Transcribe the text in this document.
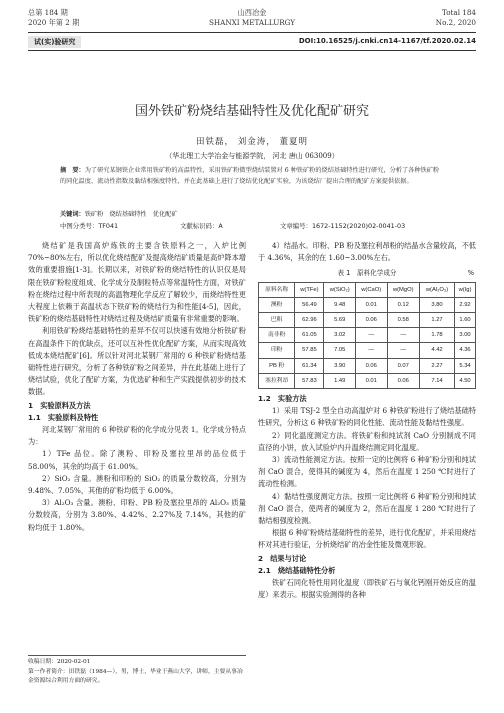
总第 184 期
2020 年第 2 期
山西冶金
SHANXI METALLURGY
Total 184
No.2, 2020
试(实)验研究	DOI:10.16525/j.cnki.cn14-1167/tf.2020.02.14
国外铁矿粉烧结基础特性及优化配矿研究
田铁磊， 刘金涛， 董夏明
（华北理工大学冶金与能源学院， 河北 唐山 063009）
摘　要：为了研究某钢铁企业常用铁矿粉的高温特性，采用铁矿粉微型烧结装置对 6 种铁矿粉的烧结基础特性进行研究，分析了各种铁矿粉的同化温度、流动性指数及黏结相强度特性，并在此基础上进行了烧结优化配矿实验，为该烧结厂提出合理的配矿方案提供依据。
关键词：铁矿粉　烧结基础特性　优化配矿
中图分类号：TF041	文献标识码：A	文章编号：1672-1152(2020)02-0041-03

烧结矿是我国高炉炼铁的主要含铁原料之一，入炉比例 70%~80%左右，所以优化烧结配矿及提高烧结矿质量是高炉降本增效的重要措施[1-3]。长期以来，对铁矿粉的烧结特性的认识仅是局限在铁矿粉粒度组成、化学成分及制粒特点等常温特性方面，对铁矿粉在烧结过程中所表现的高温物理化学反应了解较少，而烧结特性更大程度上依赖于高温状态下铁矿粉的烧结行为和性能[4-5]，因此，铁矿粉的烧结基础特性对烧结过程及烧结矿质量有非常重要的影响。

利用铁矿粉烧结基础特性的差异不仅可以快速有效地分析铁矿粉在高温条件下的优缺点，还可以互补性优化配矿方案，从而实现高效低成本烧结配矿[6]。所以针对河北某钢厂常用的 6 种铁矿粉烧结基础特性进行研究，分析了各种铁矿粉之间差异，并在此基础上进行了烧结试验，优化了配矿方案，为优选矿种和生产实践提供初步的技术数据。

1　实验原料及方法
1.1　实验原料及特性

河北某钢厂常用的 6 种铁矿粉的化学成分见表 1。化学成分特点为：

1）TFe 品位。除了澳粉、印粉及塞拉里昂的品位低于 58.00%，其余的均高于 61.00%。

2）SiO₂ 含量。澳粉和印粉的 SiO₂ 的质量分数较高，分别为 9.48%、7.05%，其他的矿粉均低于 6.00%。

3）Al₂O₃ 含量。澳粉、印粉、PB 粉及塞拉里昂的 Al₂O₃ 质量分数较高，分别为 3.80%、4.42%、2.27%及 7.14%，其他的矿粉均低于 1.80%。

收稿日期：2020-02-01
第一作者简介：田铁磊（1984—），男，博士，毕业于燕山大学，讲师，主要从事冶金资源综合利用方面的研究。

4）结晶水。印粉、PB 粉及塞拉利昂粉的结晶水含量较高，不低于 4.36%，其余的在 1.60~3.00%左右。

表 1　原料化学成分	%
原料名称	w(TFe)	w(SiO₂)	w(CaO)	w(MgO)	w(Al₂O₃)	w(Ig)
澳粉	56.49	9.48	0.01	0.12	3.80	2.92
巴粗	62.96	5.69	0.06	0.58	1.27	1.60
南非粉	61.05	3.02	—	—	1.78	3.00
印粉	57.85	7.05	—	—	4.42	4.36
PB 粉	61.34	3.90	0.06	0.07	2.27	5.34
塞拉利昂	57.83	1.49	0.01	0.06	7.14	4.50
1.2　实验方法

1）采用 TSJ-2 型全自动高温炉对 6 种铁矿粉进行了烧结基础特性研究，分析这 6 种铁矿粉的同化性能、流动性能及黏结性强度。

2）同化温度测定方法。将铁矿粉和纯试剂 CaO 分别制成不同直径的小饼，放入试验炉内升温烧结测定同化温度。

3）流动性能测定方法。按照一定的比例将 6 种矿粉分别和纯试剂 CaO 混合，使得其的碱度为 4，然后在温度 1 250 ℃时进行了流动性检测。

4）黏结性强度测定方法。按照一定比例将 6 种矿粉分别和纯试剂 CaO 混合，使两者的碱度为 2，然后在温度 1 280 ℃时进行了黏结相强度检测。

根据 6 种矿粉烧结基础特性的差异，进行优化配矿，并采用烧结杯对其进行验证，分析烧结矿的冶金性能及微观形貌。

2　结果与讨论
2.1　烧结基础特性分析

铁矿石同化特性用同化温度（即铁矿石与氧化钙刚开始反应的温度）来表示。根据实验测得的各种
